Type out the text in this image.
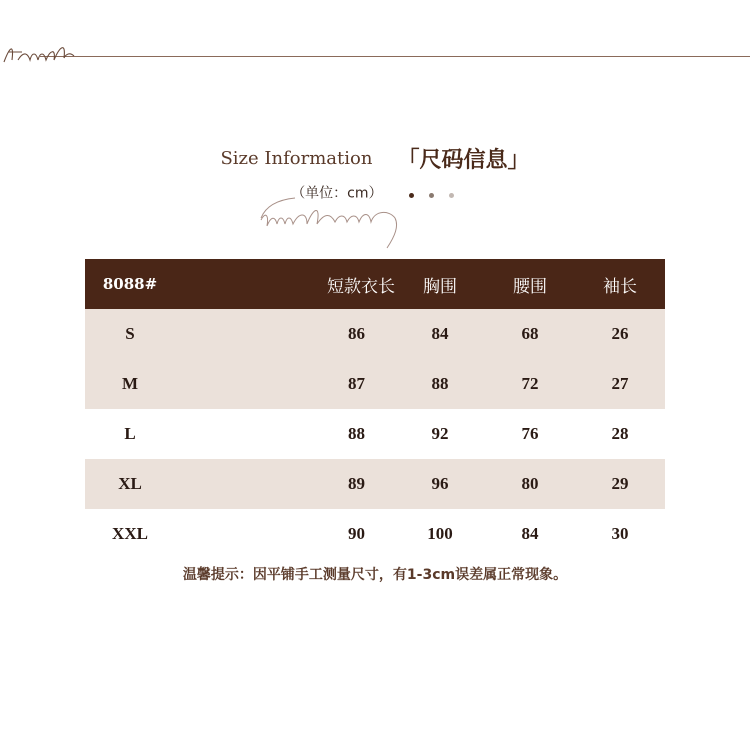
Size Information 「尺码信息」
（单位：cm）
8088#	短款衣长	胸围	腰围	袖长
S	86	84	68	26
M	87	88	72	27
L	88	92	76	28
XL	89	96	80	29
XXL	90	100	84	30
温馨提示：因平铺手工测量尺寸，有1-3cm误差属正常现象。
